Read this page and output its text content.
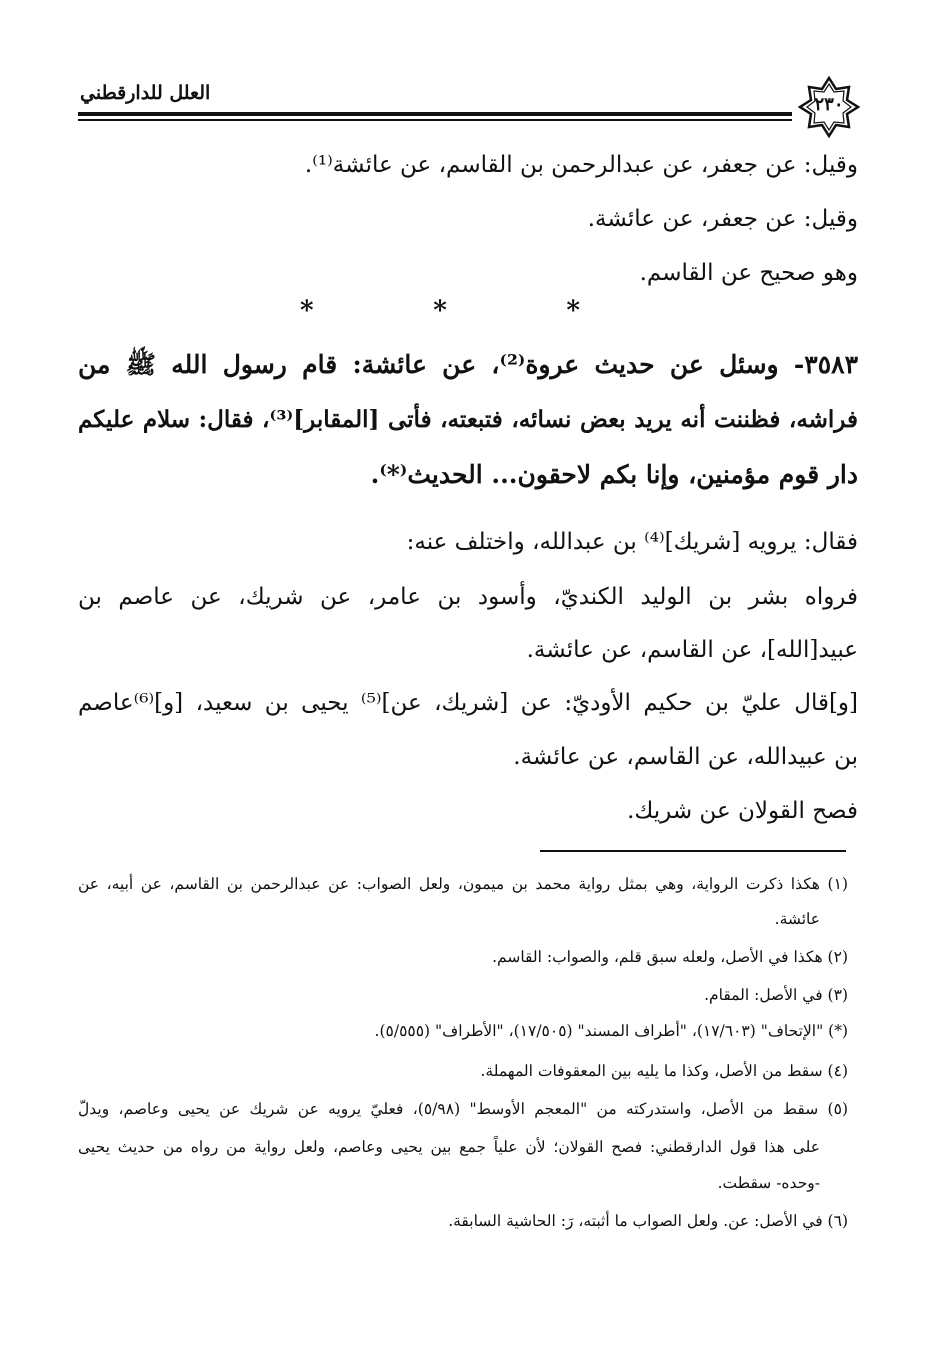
العلل للدارقطني
٢٣٠
وقيل: عن جعفر، عن عبدالرحمن بن القاسم، عن عائشة⁽¹⁾.
وقيل: عن جعفر، عن عائشة.
وهو صحيح عن القاسم.
*	*	*
٣٥٨٣- وسئل عن حديث عروة⁽²⁾، عن عائشة: قام رسول الله ﷺ من
فراشه، فظننت أنه يريد بعض نسائه، فتبعته، فأتى [المقابر]⁽³⁾، فقال: سلام عليكم
دار قوم مؤمنين، وإنا بكم لاحقون... الحديث⁽*⁾.
فقال: يرويه [شريك]⁽⁴⁾ بن عبدالله، واختلف عنه:
فرواه بشر بن الوليد الكنديّ، وأسود بن عامر، عن شريك، عن عاصم بن
عبيد[الله]، عن القاسم، عن عائشة.
[و]قال عليّ بن حكيم الأوديّ: عن [شريك، عن]⁽⁵⁾ يحيى بن سعيد، [و]⁽⁶⁾عاصم
بن عبيدالله، عن القاسم، عن عائشة.
فصح القولان عن شريك.
(١) هكذا ذكرت الرواية، وهي بمثل رواية محمد بن ميمون، ولعل الصواب: عن عبدالرحمن بن القاسم، عن أبيه، عن
عائشة.
(٢) هكذا في الأصل، ولعله سبق قلم، والصواب: القاسم.
(٣) في الأصل: المقام.
(*) "الإتحاف" (١٧/٦٠٣)، "أطراف المسند" (١٧/٥٠٥)، "الأطراف" (٥/٥٥٥).
(٤) سقط من الأصل، وكذا ما يليه بين المعقوفات المهملة.
(٥) سقط من الأصل، واستدركته من "المعجم الأوسط" (٥/٩٨)، فعليّ يرويه عن شريك عن يحيى وعاصم، ويدلّ
على هذا قول الدارقطني: فصح القولان؛ لأن علياً جمع بين يحيى وعاصم، ولعل رواية من رواه من حديث يحيى
-وحده- سقطت.
(٦) في الأصل: عن. ولعل الصواب ما أثبته، رَ: الحاشية السابقة.
